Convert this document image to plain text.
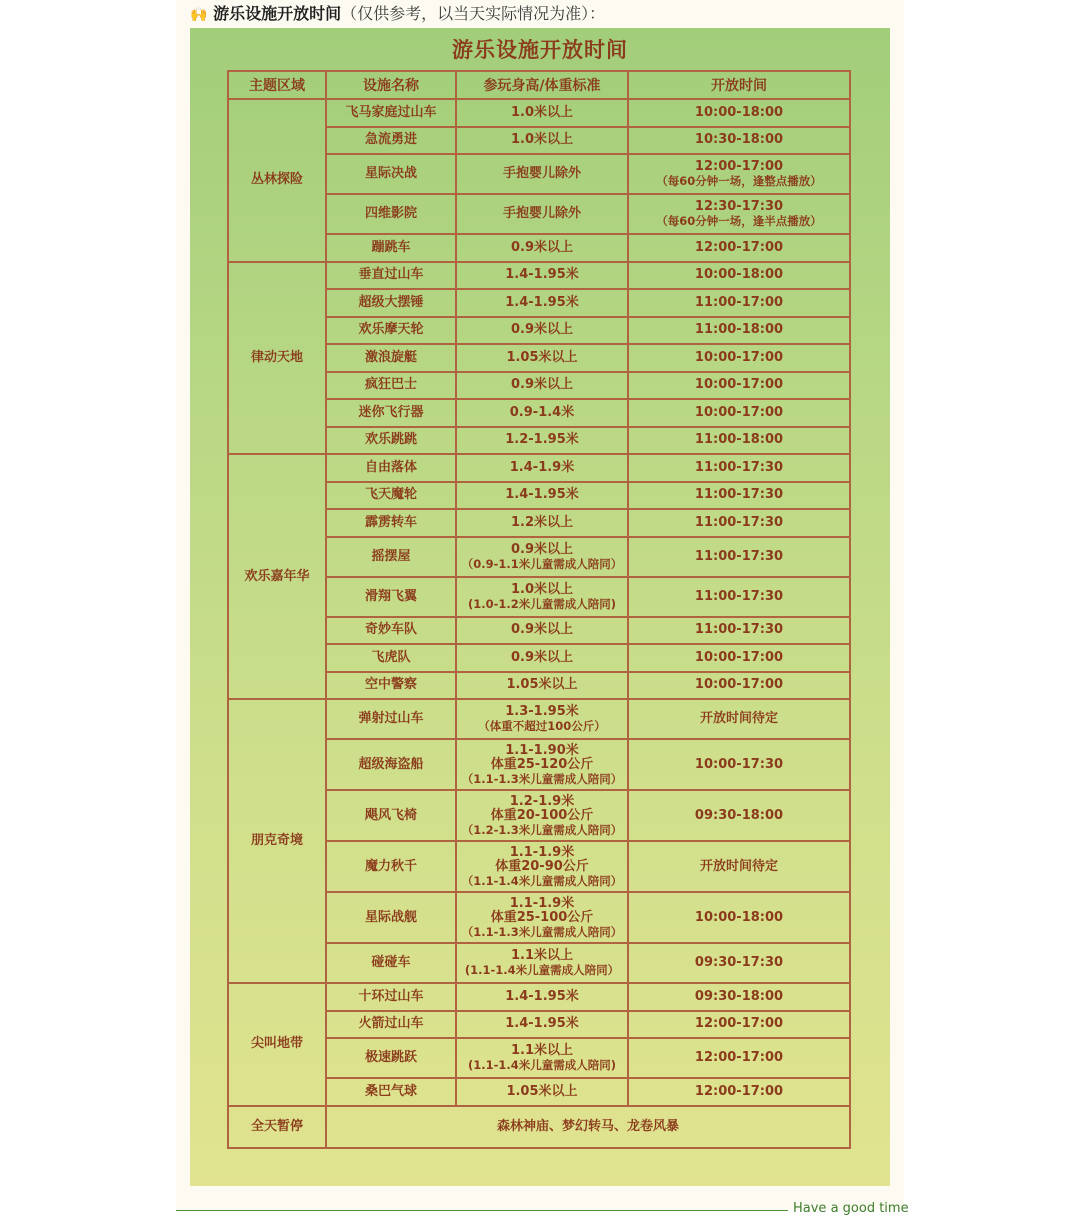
🙌 游乐设施开放时间（仅供参考，以当天实际情况为准）：
游乐设施开放时间
主题区域	设施名称	参玩身高/体重标准	开放时间
丛林探险	飞马家庭过山车	1.0米以上	10:00-18:00

	急流勇进	1.0米以上	10:30-18:00

	星际决战	手抱婴儿除外	12:00-17:00
（每60分钟一场，逢整点播放）

	四维影院	手抱婴儿除外	12:30-17:30
（每60分钟一场，逢半点播放）

	蹦跳车	0.9米以上	12:00-17:00

律动天地	垂直过山车	1.4-1.95米	10:00-18:00

	超级大摆锤	1.4-1.95米	11:00-17:00

	欢乐摩天轮	0.9米以上	11:00-18:00

	激浪旋艇	1.05米以上	10:00-17:00

	疯狂巴士	0.9米以上	10:00-17:00

	迷你飞行器	0.9-1.4米	10:00-17:00

	欢乐跳跳	1.2-1.95米	11:00-18:00

欢乐嘉年华	自由落体	1.4-1.9米	11:00-17:30

	飞天魔轮	1.4-1.95米	11:00-17:30

	霹雳转车	1.2米以上	11:00-17:30

	摇摆屋	0.9米以上
（0.9-1.1米儿童需成人陪同）	11:00-17:30

	滑翔飞翼	1.0米以上
(1.0-1.2米儿童需成人陪同)	11:00-17:30

	奇妙车队	0.9米以上	11:00-17:30

	飞虎队	0.9米以上	10:00-17:00

	空中警察	1.05米以上	10:00-17:00

朋克奇境	弹射过山车	1.3-1.95米
（体重不超过100公斤）	开放时间待定

	超级海盗船	1.1-1.90米
体重25-120公斤
（1.1-1.3米儿童需成人陪同）	10:00-17:30

	飓风飞椅	1.2-1.9米
体重20-100公斤
（1.2-1.3米儿童需成人陪同）	09:30-18:00

	魔力秋千	1.1-1.9米
体重20-90公斤
（1.1-1.4米儿童需成人陪同）	开放时间待定

	星际战舰	1.1-1.9米
体重25-100公斤
（1.1-1.3米儿童需成人陪同）	10:00-18:00

	碰碰车	1.1米以上
(1.1-1.4米儿童需成人陪同）	09:30-17:30

尖叫地带	十环过山车	1.4-1.95米	09:30-18:00

	火箭过山车	1.4-1.95米	12:00-17:00

	极速跳跃	1.1米以上
(1.1-1.4米儿童需成人陪同)	12:00-17:00

	桑巴气球	1.05米以上	12:00-17:00

全天暂停	森林神庙、梦幻转马、龙卷风暴		
Have a good time
